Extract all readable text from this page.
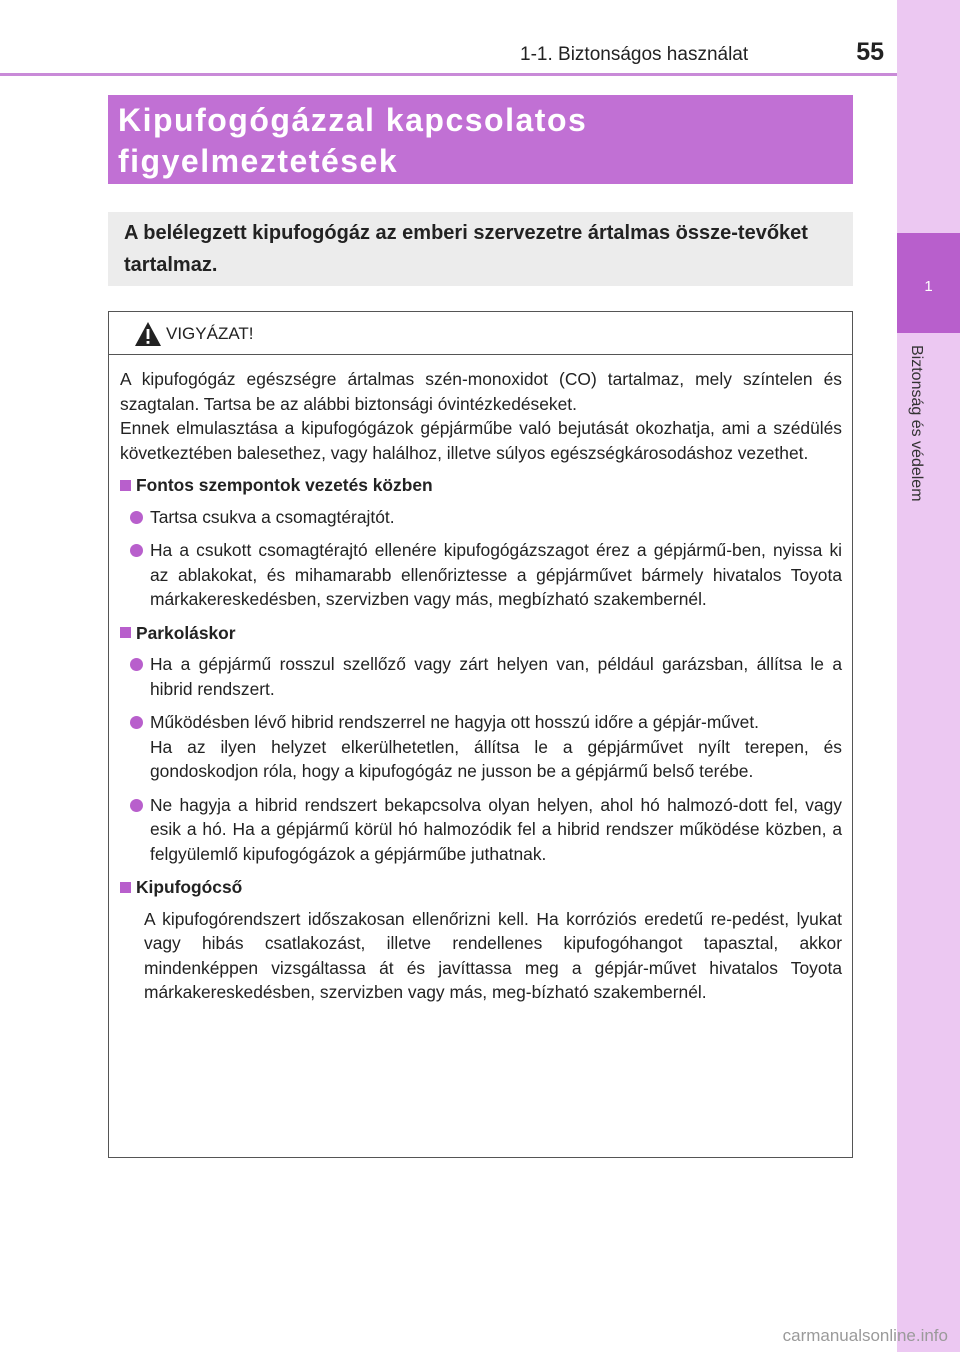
1-1. Biztonságos használat	55
1
Biztonság és védelem
Kipufogógázzal kapcsolatos
figyelmeztetések

A belélegzett kipufogógáz az emberi szervezetre ártalmas össze-tevőket tartalmaz.

VIGYÁZAT!

A kipufogógáz egészségre ártalmas szén-monoxidot (CO) tartalmaz, mely színtelen és szagtalan. Tartsa be az alábbi biztonsági óvintézkedéseket.

Ennek elmulasztása a kipufogógázok gépjárműbe való bejutását okozhatja, ami a szédülés következtében balesethez, vagy halálhoz, illetve súlyos egészségkárosodáshoz vezethet.

Fontos szempontok vezetés közben
Tartsa csukva a csomagtérajtót.
Ha a csukott csomagtérajtó ellenére kipufogógázszagot érez a gépjármű-ben, nyissa ki az ablakokat, és mihamarabb ellenőriztesse a gépjárművet bármely hivatalos Toyota márkakereskedésben, szervizben vagy más, megbízható szakembernél.
Parkoláskor
Ha a gépjármű rosszul szellőző vagy zárt helyen van, például garázsban, állítsa le a hibrid rendszert.
Működésben lévő hibrid rendszerrel ne hagyja ott hosszú időre a gépjár-művet.
Ha az ilyen helyzet elkerülhetetlen, állítsa le a gépjárművet nyílt terepen, és gondoskodjon róla, hogy a kipufogógáz ne jusson be a gépjármű belső terébe.
Ne hagyja a hibrid rendszert bekapcsolva olyan helyen, ahol hó halmozó-dott fel, vagy esik a hó. Ha a gépjármű körül hó halmozódik fel a hibrid rendszer működése közben, a felgyülemlő kipufogógázok a gépjárműbe juthatnak.
Kipufogócső

A kipufogórendszert időszakosan ellenőrizni kell. Ha korróziós eredetű re-pedést, lyukat vagy hibás csatlakozást, illetve rendellenes kipufogóhangot tapasztal, akkor mindenképpen vizsgáltassa át és javíttassa meg a gépjár-művet hivatalos Toyota márkakereskedésben, szervizben vagy más, meg-bízható szakembernél.

carmanualsonline.info
